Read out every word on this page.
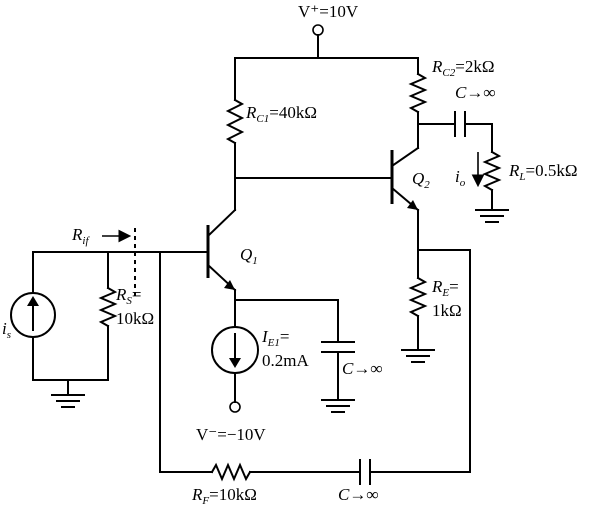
V⁺=10V
V⁻=−10V
$R_{C1}=40k\Omega$
$R_{C2}=2k\Omega$
$R_L=0.5k\Omega$
$R_E=$
1kΩ
$R_S=$
10kΩ
$R_F=10k\Omega$
C→∞
C→∞
C→∞
$Q_1$
$Q_2$
$i_s$	$I_{E1}=$
0.2mA
$R_{if}$
$i_o$
